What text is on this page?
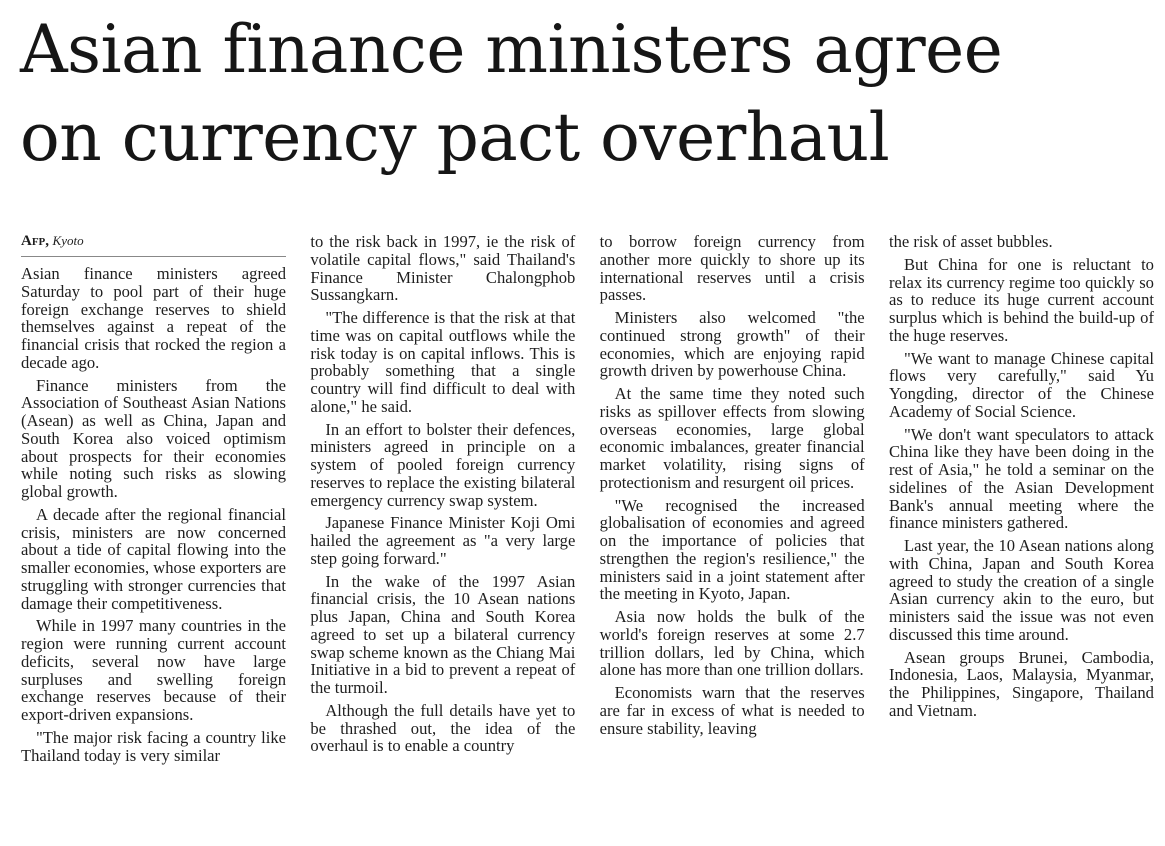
Asian finance ministers agree
on currency pact overhaul
Afp, Kyoto

Asian finance ministers agreed Saturday to pool part of their huge foreign exchange reserves to shield themselves against a repeat of the financial crisis that rocked the region a decade ago.

Finance ministers from the Association of Southeast Asian Nations (Asean) as well as China, Japan and South Korea also voiced optimism about prospects for their economies while noting such risks as slowing global growth.

A decade after the regional financial crisis, ministers are now concerned about a tide of capital flowing into the smaller economies, whose exporters are struggling with stronger currencies that damage their competitiveness.

While in 1997 many countries in the region were running current account deficits, several now have large surpluses and swelling foreign exchange reserves because of their export-driven expansions.

"The major risk facing a country like Thailand today is very similar

to the risk back in 1997, ie the risk of volatile capital flows," said Thailand's Finance Minister Chalongphob Sussangkarn.

"The difference is that the risk at that time was on capital outflows while the risk today is on capital inflows. This is probably something that a single country will find difficult to deal with alone," he said.

In an effort to bolster their defences, ministers agreed in principle on a system of pooled foreign currency reserves to replace the existing bilateral emergency currency swap system.

Japanese Finance Minister Koji Omi hailed the agreement as "a very large step going forward."

In the wake of the 1997 Asian financial crisis, the 10 Asean nations plus Japan, China and South Korea agreed to set up a bilateral currency swap scheme known as the Chiang Mai Initiative in a bid to prevent a repeat of the turmoil.

Although the full details have yet to be thrashed out, the idea of the overhaul is to enable a country

to borrow foreign currency from another more quickly to shore up its international reserves until a crisis passes.

Ministers also welcomed "the continued strong growth" of their economies, which are enjoying rapid growth driven by powerhouse China.

At the same time they noted such risks as spillover effects from slowing overseas economies, large global economic imbalances, greater financial market volatility, rising signs of protectionism and resurgent oil prices.

"We recognised the increased globalisation of economies and agreed on the importance of policies that strengthen the region's resilience," the ministers said in a joint statement after the meeting in Kyoto, Japan.

Asia now holds the bulk of the world's foreign reserves at some 2.7 trillion dollars, led by China, which alone has more than one trillion dollars.

Economists warn that the reserves are far in excess of what is needed to ensure stability, leaving

the risk of asset bubbles.

But China for one is reluctant to relax its currency regime too quickly so as to reduce its huge current account surplus which is behind the build-up of the huge reserves.

"We want to manage Chinese capital flows very carefully," said Yu Yongding, director of the Chinese Academy of Social Science.

"We don't want speculators to attack China like they have been doing in the rest of Asia," he told a seminar on the sidelines of the Asian Development Bank's annual meeting where the finance ministers gathered.

Last year, the 10 Asean nations along with China, Japan and South Korea agreed to study the creation of a single Asian currency akin to the euro, but ministers said the issue was not even discussed this time around.

Asean groups Brunei, Cambodia, Indonesia, Laos, Malaysia, Myanmar, the Philippines, Singapore, Thailand and Vietnam.
